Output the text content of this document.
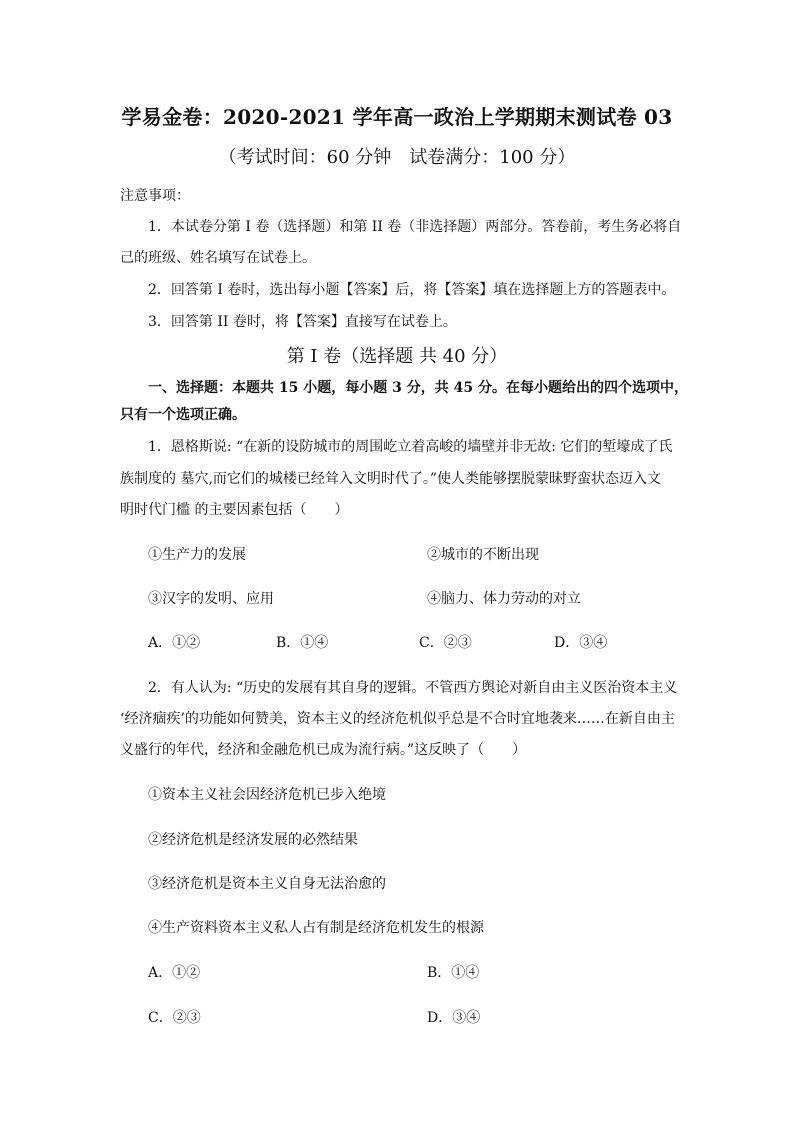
学易金卷：2020-2021 学年高一政治上学期期末测试卷 03
（考试时间：60 分钟　试卷满分：100 分）
注意事项：
1．本试卷分第 I 卷（选择题）和第 II 卷（非选择题）两部分。答卷前，考生务必将自
己的班级、姓名填写在试卷上。
2．回答第 I 卷时，选出每小题【答案】后，将【答案】填在选择题上方的答题表中。
3．回答第 II 卷时，将【答案】直接写在试卷上。
第 I 卷（选择题 共 40 分）
一、选择题：本题共 15 小题，每小题 3 分，共 45 分。在每小题给出的四个选项中，
只有一个选项正确。
1．恩格斯说: “在新的设防城市的周围屹立着高峻的墙壁并非无故: 它们的堑壕成了氏
族制度的 墓穴,而它们的城楼已经耸入文明时代了。”使人类能够摆脱蒙昧野蛮状态迈入文
明时代门槛 的主要因素包括（　　）
①生产力的发展	②城市的不断出现
③汉字的发明、应用	④脑力、体力劳动的对立
A．①②	B．①④	C．②③	D．③④
2．有人认为: “历史的发展有其自身的逻辑。不管西方舆论对新自由主义医治资本主义
‘经济痼疾’的功能如何赞美，资本主义的经济危机似乎总是不合时宜地袭来……在新自由主
义盛行的年代，经济和金融危机已成为流行病。”这反映了（　　）
①资本主义社会因经济危机已步入绝境
②经济危机是经济发展的必然结果
③经济危机是资本主义自身无法治愈的
④生产资料资本主义私人占有制是经济危机发生的根源
A．①②	B．①④
C．②③	D．③④
